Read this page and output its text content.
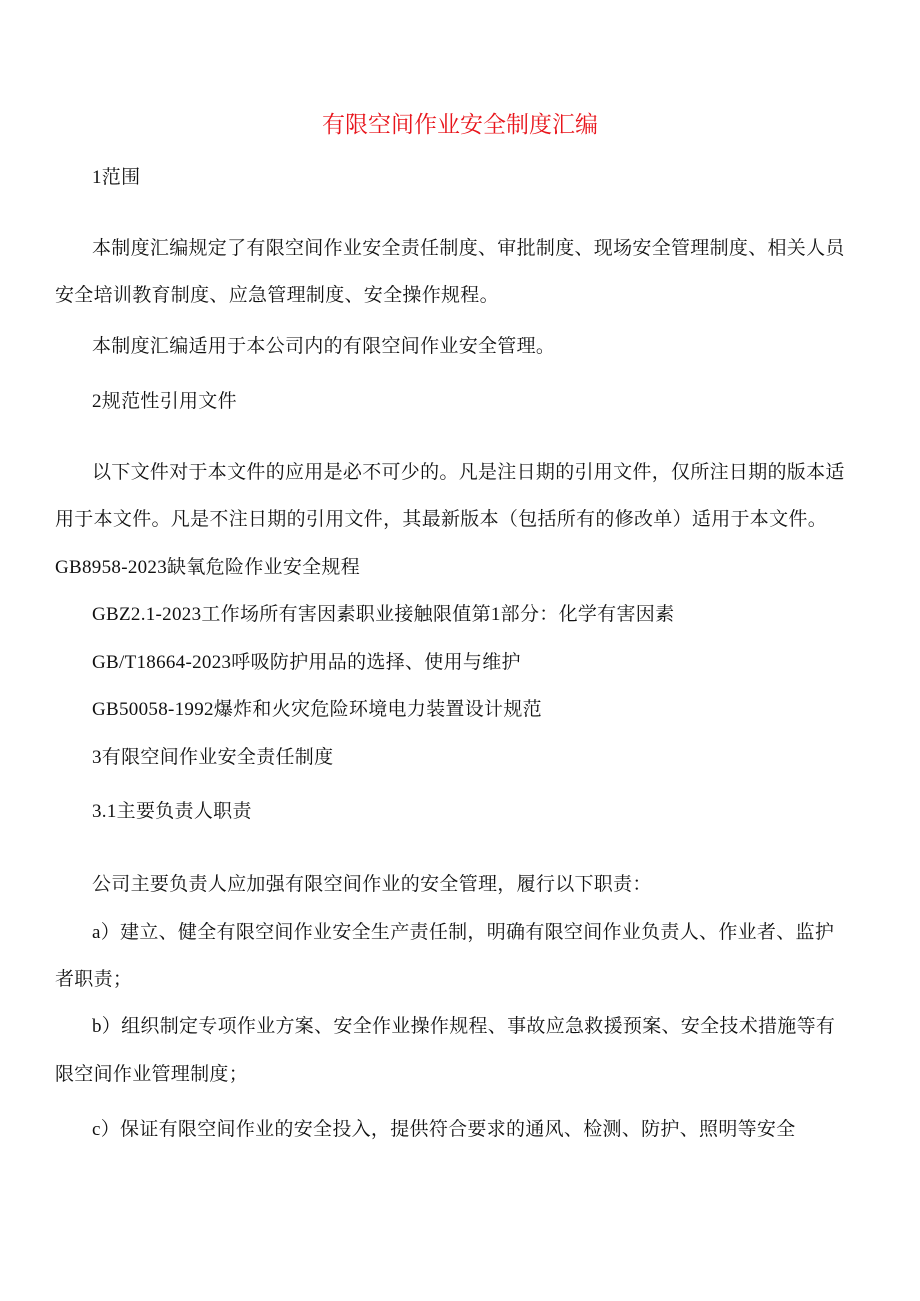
有限空间作业安全制度汇编
1范围
本制度汇编规定了有限空间作业安全责任制度、审批制度、现场安全管理制度、相关人员
安全培训教育制度、应急管理制度、安全操作规程。
本制度汇编适用于本公司内的有限空间作业安全管理。
2规范性引用文件
以下文件对于本文件的应用是必不可少的。凡是注日期的引用文件，仅所注日期的版本适
用于本文件。凡是不注日期的引用文件，其最新版本（包括所有的修改单）适用于本文件。
GB8958-2023缺氧危险作业安全规程
GBZ2.1-2023工作场所有害因素职业接触限值第1部分：化学有害因素
GB/T18664-2023呼吸防护用品的选择、使用与维护
GB50058-1992爆炸和火灾危险环境电力装置设计规范
3有限空间作业安全责任制度
3.1主要负责人职责
公司主要负责人应加强有限空间作业的安全管理，履行以下职责：
a）建立、健全有限空间作业安全生产责任制，明确有限空间作业负责人、作业者、监护
者职责；
b）组织制定专项作业方案、安全作业操作规程、事故应急救援预案、安全技术措施等有
限空间作业管理制度；
c）保证有限空间作业的安全投入，提供符合要求的通风、检测、防护、照明等安全
